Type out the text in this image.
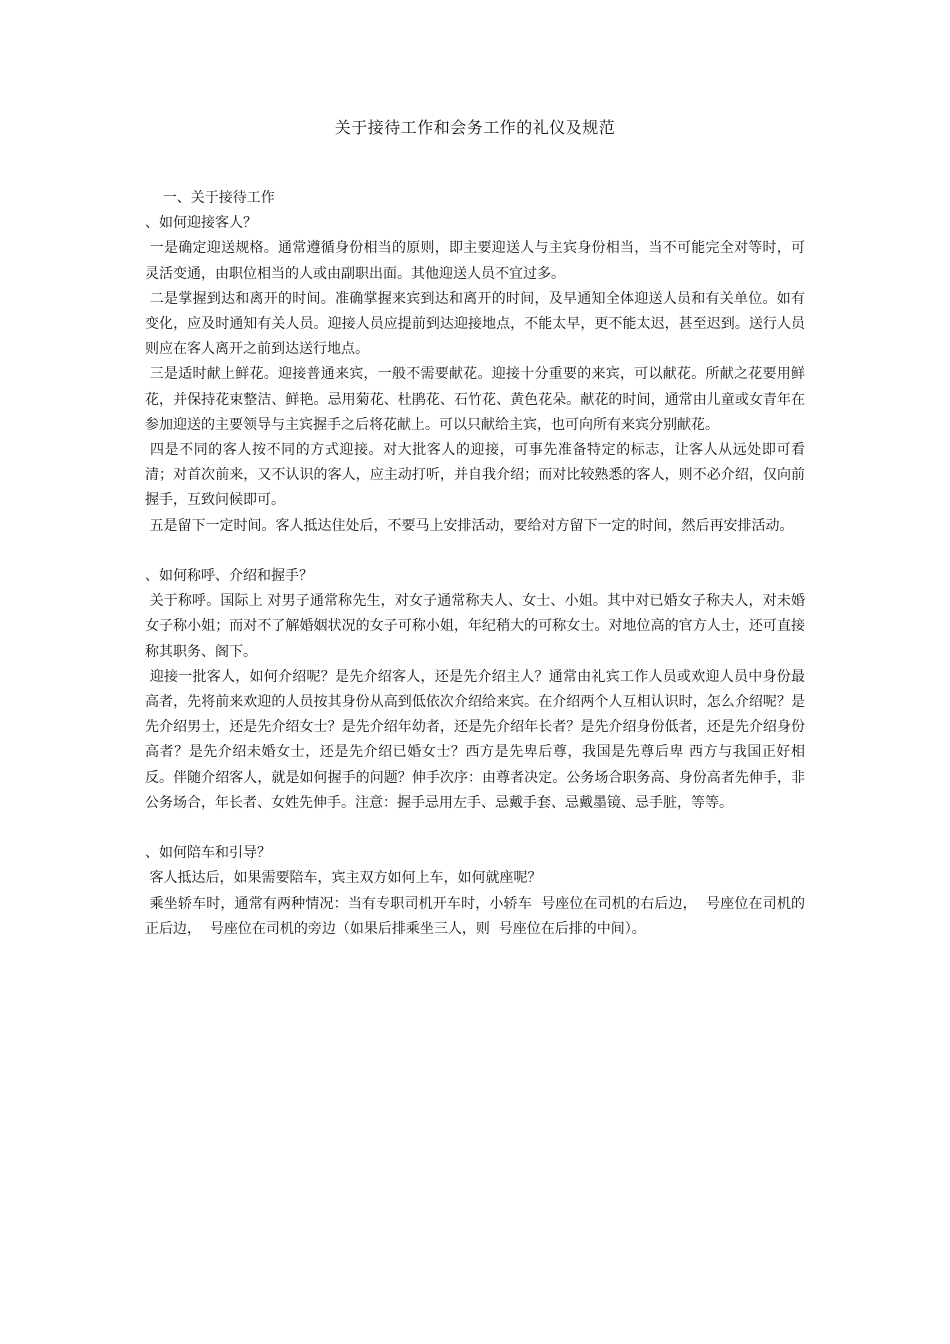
关于接待工作和会务工作的礼仪及规范

一、关于接待工作

、如何迎接客人？

一是确定迎送规格。通常遵循身份相当的原则，即主要迎送人与主宾身份相当，当不可能完全对等时，可灵活变通，由职位相当的人或由副职出面。其他迎送人员不宜过多。

二是掌握到达和离开的时间。准确掌握来宾到达和离开的时间，及早通知全体迎送人员和有关单位。如有变化，应及时通知有关人员。迎接人员应提前到达迎接地点，不能太早，更不能太迟，甚至迟到。送行人员则应在客人离开之前到达送行地点。

三是适时献上鲜花。迎接普通来宾，一般不需要献花。迎接十分重要的来宾，可以献花。所献之花要用鲜花，并保持花束整洁、鲜艳。忌用菊花、杜鹃花、石竹花、黄色花朵。献花的时间，通常由儿童或女青年在参加迎送的主要领导与主宾握手之后将花献上。可以只献给主宾，也可向所有来宾分别献花。

四是不同的客人按不同的方式迎接。对大批客人的迎接，可事先准备特定的标志，让客人从远处即可看清；对首次前来，又不认识的客人，应主动打听，并自我介绍；而对比较熟悉的客人，则不必介绍，仅向前握手，互致问候即可。

五是留下一定时间。客人抵达住处后，不要马上安排活动，要给对方留下一定的时间，然后再安排活动。

、如何称呼、介绍和握手？

关于称呼。国际上 对男子通常称先生，对女子通常称夫人、女士、小姐。其中对已婚女子称夫人，对未婚女子称小姐；而对不了解婚姻状况的女子可称小姐，年纪稍大的可称女士。对地位高的官方人士，还可直接称其职务、阁下。

迎接一批客人，如何介绍呢？是先介绍客人，还是先介绍主人？通常由礼宾工作人员或欢迎人员中身份最高者，先将前来欢迎的人员按其身份从高到低依次介绍给来宾。在介绍两个人互相认识时，怎么介绍呢？是先介绍男士，还是先介绍女士？是先介绍年幼者，还是先介绍年长者？是先介绍身份低者，还是先介绍身份高者？是先介绍未婚女士，还是先介绍已婚女士？西方是先卑后尊，我国是先尊后卑 西方与我国正好相反。伴随介绍客人，就是如何握手的问题？伸手次序：由尊者决定。公务场合职务高、身份高者先伸手，非公务场合，年长者、女姓先伸手。注意：握手忌用左手、忌戴手套、忌戴墨镜、忌手脏，等等。

、如何陪车和引导？

客人抵达后，如果需要陪车，宾主双方如何上车，如何就座呢？

乘坐轿车时，通常有两种情况：当有专职司机开车时，小轿车  号座位在司机的右后边，  号座位在司机的正后边，  号座位在司机的旁边（如果后排乘坐三人，则  号座位在后排的中间）。
